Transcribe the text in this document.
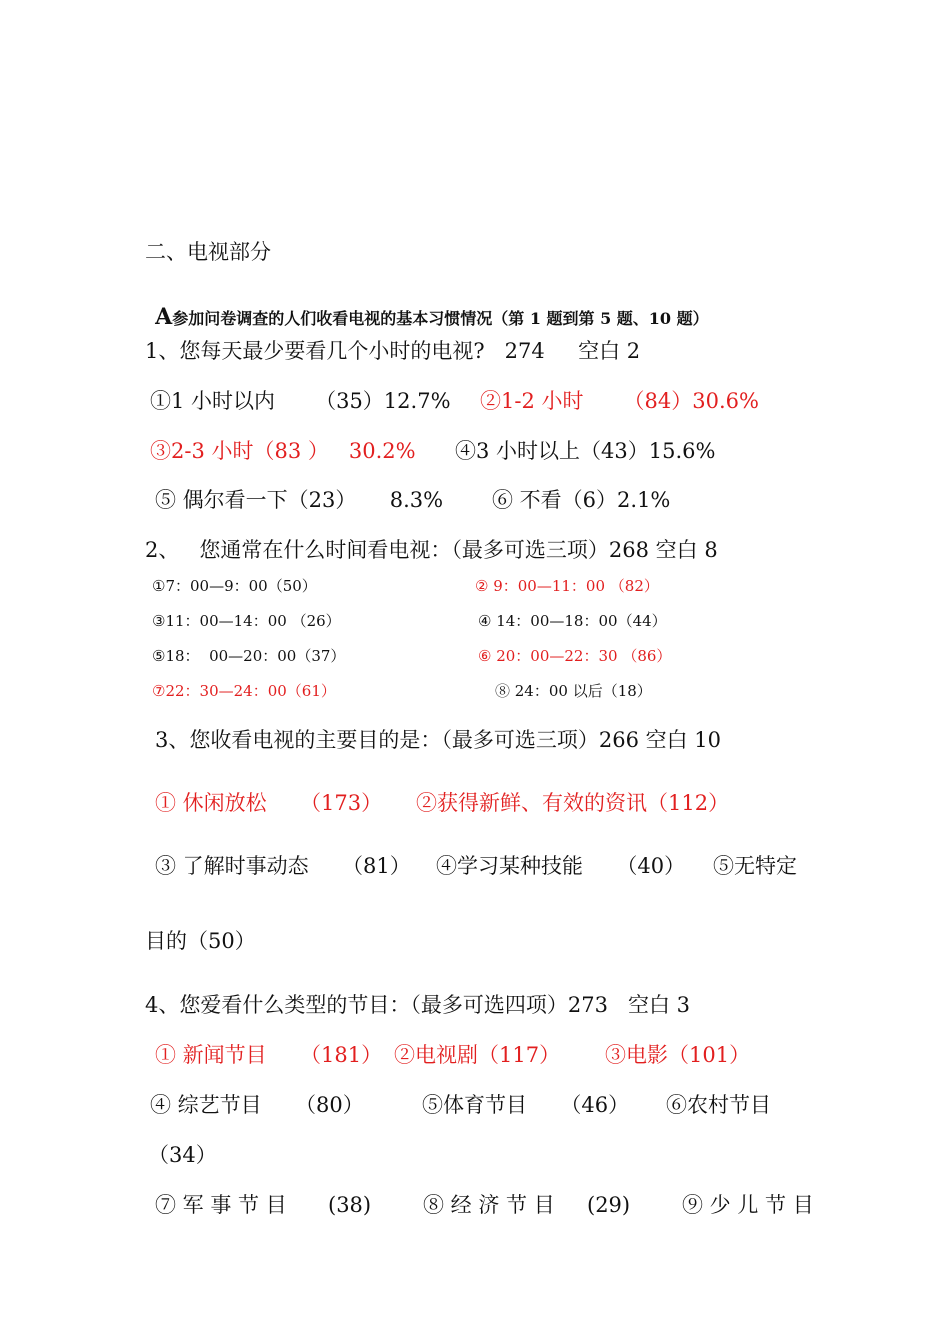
二、电视部分

A参加问卷调查的人们收看电视的基本习惯情况（第 1 题到第 5 题、10 题）

1、您每天最少要看几个小时的电视?   274     空白 2
①1 小时以内      （35）12.7% ②1-2 小时      （84）30.6%
③2-3 小时（83 ）   30.2% ④3 小时以上（43）15.6%
⑤ 偶尔看一下（23）     8.3% ⑥ 不看（6）2.1%
2、   您通常在什么时间看电视：（最多可选三项）268 空白 8
①7：00—9：00（50）	② 9：00—11：00 （82）
③11：00—14：00 （26）	④ 14：00—18：00（44）
⑤18：  00—20：00（37）	⑥ 20：00—22：30 （86）
⑦22：30—24：00（61）	⑧ 24：00 以后（18）
3、您收看电视的主要目的是：（最多可选三项）266 空白 10
① 休闲放松     （173） ②获得新鲜、有效的资讯（112）
③ 了解时事动态     （81） ④学习某种技能     （40） ⑤无特定
目的（50）
4、您爱看什么类型的节目：（最多可选四项）273   空白 3
① 新闻节目     （181） ②电视剧（117） ③电影（101）
④ 综艺节目     （80）	⑤体育节目     （46） ⑥农村节目
（34）
⑦ 军 事 节 目 (38) ⑧ 经 济 节 目 (29) ⑨ 少 儿 节 目
